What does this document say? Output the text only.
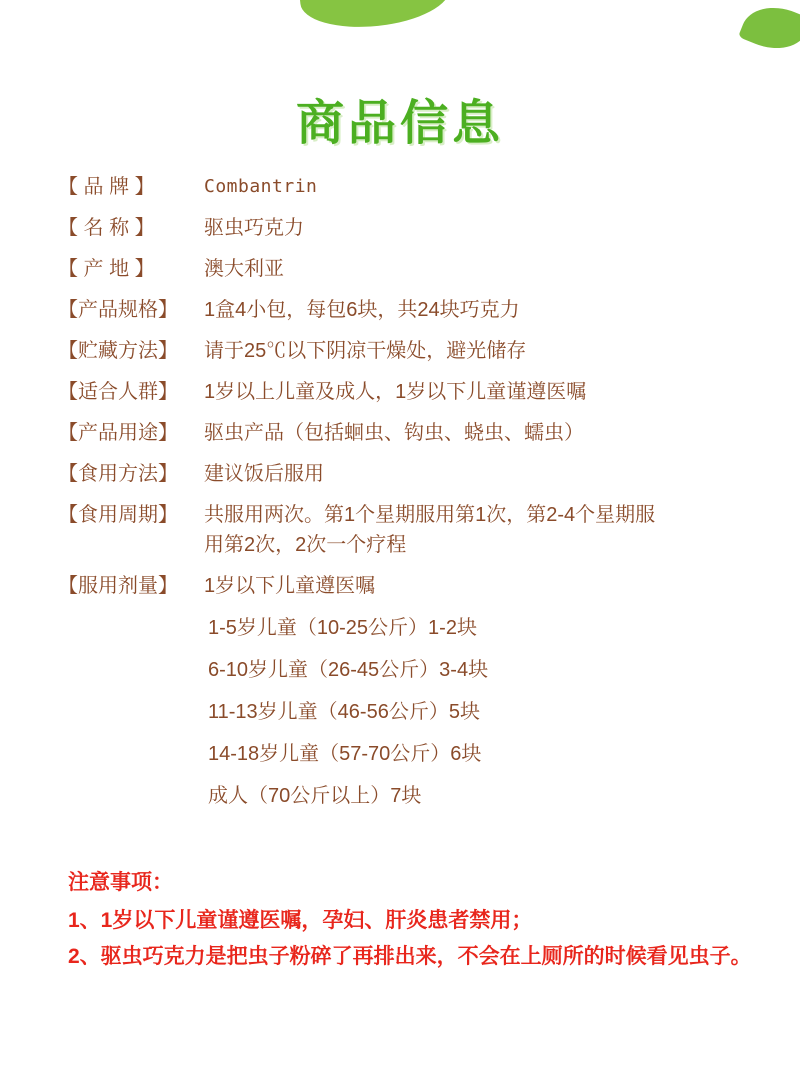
商品信息
【 品 牌 】	Combantrin
【 名 称 】	驱虫巧克力
【 产 地 】	澳大利亚
【产品规格】	1盒4小包，每包6块，共24块巧克力
【贮藏方法】	请于25℃以下阴凉干燥处，避光储存
【适合人群】	1岁以上儿童及成人，1岁以下儿童谨遵医嘱
【产品用途】	驱虫产品（包括蛔虫、钩虫、蛲虫、蠕虫）
【食用方法】	建议饭后服用
【食用周期】	共服用两次。第1个星期服用第1次，第2-4个星期服
用第2次，2次一个疗程
【服用剂量】	1岁以下儿童遵医嘱
1-5岁儿童（10-25公斤）1-2块
6-10岁儿童（26-45公斤）3-4块
11-13岁儿童（46-56公斤）5块
14-18岁儿童（57-70公斤）6块
成人（70公斤以上）7块
注意事项：
1、1岁以下儿童谨遵医嘱，孕妇、肝炎患者禁用；
2、驱虫巧克力是把虫子粉碎了再排出来，不会在上厕所的时候看见虫子。
